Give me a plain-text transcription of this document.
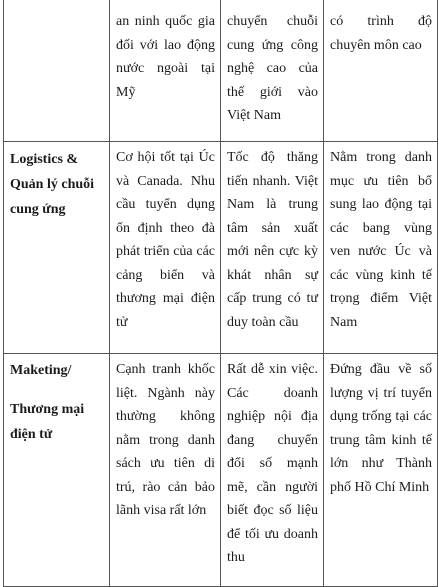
	an ninh quốc gia đối với lao động nước ngoài tại Mỹ	chuyển chuỗi cung ứng công nghệ cao của thế giới vào Việt Nam	có trình độ chuyên môn cao

Logistics &
Quản lý chuỗi
cung ứng	Cơ hội tốt tại Úc và Canada. Nhu cầu tuyển dụng ổn định theo đà phát triển của các cảng biển và thương mại điện tử	Tốc độ thăng tiến nhanh. Việt Nam là trung tâm sản xuất mới nên cực kỳ khát nhân sự cấp trung có tư duy toàn cầu	Nằm trong danh mục ưu tiên bổ sung lao động tại các bang vùng ven nước Úc và các vùng kinh tế trọng điểm Việt Nam

Maketing/
Thương mại
điện tử	Cạnh tranh khốc liệt. Ngành này thường không nằm trong danh sách ưu tiên di trú, rào cản bảo lãnh visa rất lớn	Rất dễ xin việc. Các doanh nghiệp nội địa đang chuyển đổi số mạnh mẽ, cần người biết đọc số liệu để tối ưu doanh thu	Đứng đầu về số lượng vị trí tuyển dụng trống tại các trung tâm kinh tế lớn như Thành phố Hồ Chí Minh
